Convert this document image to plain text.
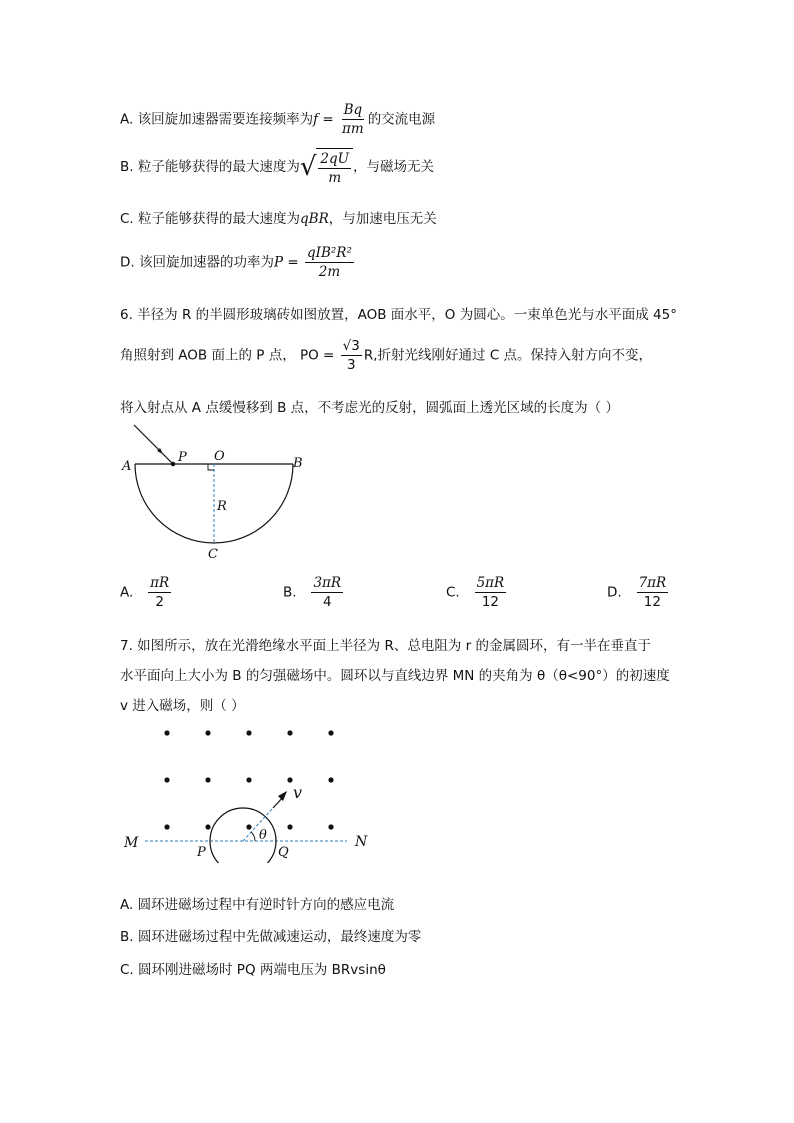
A. 该回旋加速器需要连接频率为$f = \frac{Bq}{\pi m}$ 的交流电源
B. 粒子能够获得的最大速度为 √ $\frac{2qU}{m}$ ，与磁场无关
C. 粒子能够获得的最大速度为qBR，与加速电压无关
D. 该回旋加速器的功率为$P = \frac{\text{qIB²R²}}{2m}$
6. 半径为 R 的半圆形玻璃砖如图放置，AOB 面水平，O 为圆心。一束单色光与水平面成 45°
角照射到 AOB 面上的 P 点， PO = $\frac{√3}{3} R$,折射光线刚好通过 C 点。保持入射方向不变，
将入射点从 A 点缓慢移到 B 点，不考虑光的反射，圆弧面上透光区域的长度为（ ）
A
P O	B
R
C
A. $\frac{\pi R}{2}$	B. $\frac{3\pi R}{4}$	C. $\frac{5\pi R}{12}$	D. $\frac{7\pi R}{12}$
7. 如图所示，放在光滑绝缘水平面上半径为 R、总电阻为 r 的金属圆环，有一半在垂直于
水平面向上大小为 B 的匀强磁场中。圆环以与直线边界 MN 的夹角为 θ（θ<90°）的初速度
v 进入磁场，则（ ）
M	N
P	Q
v
θ
A. 圆环进磁场过程中有逆时针方向的感应电流
B. 圆环进磁场过程中先做减速运动，最终速度为零
C. 圆环刚进磁场时 PQ 两端电压为 BRvsinθ
